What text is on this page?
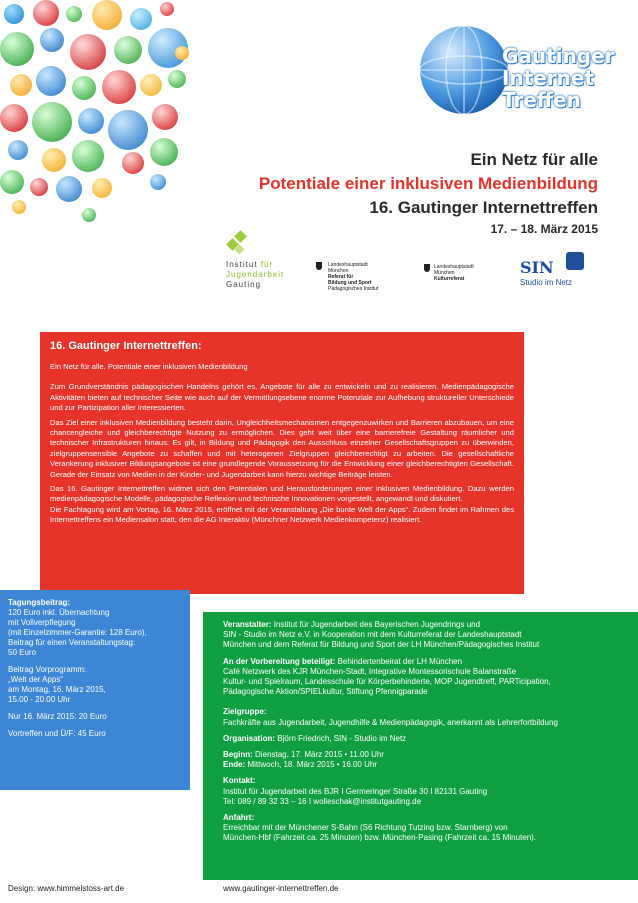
Gautinger
Internet
Treffen
Ein Netz für alle
Potentiale einer inklusiven Medienbildung
16. Gautinger Internettreffen
17. – 18. März 2015
Institut für
Jugendarbeit
Gauting
Landeshauptstadt
München
Referat für
Bildung und Sport
Pädagogisches Institut
Landeshauptstadt
München
Kulturreferat
SIN
Studio im Netz
16. Gautinger Internettreffen:

Ein Netz für alle. Potentiale einer inklusiven Medienbildung

Zum Grundverständnis pädagogischen Handelns gehört es, Angebote für alle zu entwickeln und zu realisieren. Medienpädagogische Aktivitäten bieten auf technischer Seite wie auch auf der Vermittlungsebene enorme Potenziale zur Aufhebung struktureller Unterschiede und zur Partizipation aller Interessierten.

Das Ziel einer inklusiven Medienbildung besteht darin, Ungleichheitsmechanismen entgegenzuwirken und Barrieren abzubauen, um eine chancengleiche und gleichberechtigte Nutzung zu ermöglichen. Dies geht weit über eine barrierefreie Gestaltung räumlicher und technischer Infrastrukturen hinaus: Es gilt, in Bildung und Pädagogik den Ausschluss einzelner Gesellschaftsgruppen zu überwinden, zielgruppensensible Angebote zu schaffen und mit heterogenen Zielgruppen gleichberechtigt zu arbeiten. Die gesellschaftliche Verankerung inklusiver Bildungsangebote ist eine grundlegende Voraussetzung für die Entwicklung einer gleichberechtigten Gesellschaft. Gerade der Einsatz von Medien in der Kinder- und Jugendarbeit kann hierzu wichtige Beiträge leisten.

Das 16. Gautinger Internettreffen widmet sich den Potentialen und Herausforderungen einer inklusiven Medienbildung. Dazu werden medienpädagogische Modelle, pädagogische Reflexion und technische Innovationen vorgestellt, angewandt und diskutiert.

Die Fachtagung wird am Vortag, 16. März 2015, eröffnet mit der Veranstaltung „Die bunte Welt der Apps“. Zudem findet im Rahmen des Internettreffens ein Mediensalon statt, den die AG Interaktiv (Münchner Netzwerk Medienkompetenz) realisiert.

Tagungsbeitrag:
120 Euro inkl. Übernachtung
mit Vollverpflegung
(mit Einzelzimmer-Garantie: 128 Euro),
Beitrag für einen Veranstaltungstag:
50 Euro
Beitrag Vorprogramm:
„Welt der Apps“
am Montag, 16. März 2015,
15.00 - 20.00 Uhr
Nur 16. März 2015: 20 Euro
Vortreffen und Ü/F: 45 Euro
Veranstalter: Institut für Jugendarbeit des Bayerischen Jugendrings und
SIN - Studio im Netz e.V. in Kooperation mit dem Kulturreferat der Landeshauptstadt
München und dem Referat für Bildung und Sport der LH München/Pädagogisches Institut
An der Vorbereitung beteiligt: Behindertenbeirat der LH München
Café Netzwerk des KJR München-Stadt, Integrative Montessorischule Balanstraße
Kultur- und Spielraum, Landesschule für Körperbehinderte, MOP Jugendtreff, PARTicipation,
Pädagogische Aktion/SPIELkultur, Stiftung Pfennigparade
Zielgruppe:
Fachkräfte aus Jugendarbeit, Jugendhilfe & Medienpädagogik, anerkannt als Lehrerfortbildung
Organisation: Björn Friedrich, SIN - Studio im Netz
Beginn: Dienstag, 17. März 2015 • 11.00 Uhr
Ende: Mittwoch, 18. März 2015 • 16.00 Uhr
Kontakt:
Institut für Jugendarbeit des BJR I Germeringer Straße 30 I 82131 Gauting
Tel: 089 / 89 32 33 – 16 I wolleschak@institutgauting.de
Anfahrt:
Erreichbar mit der Münchener S-Bahn (S6 Richtung Tutzing bzw. Starnberg) von
München-Hbf (Fahrzeit ca. 25 Minuten) bzw. München-Pasing (Fahrzeit ca. 15 Minuten).
Design: www.himmelstoss-art.de	www.gautinger-internettreffen.de
